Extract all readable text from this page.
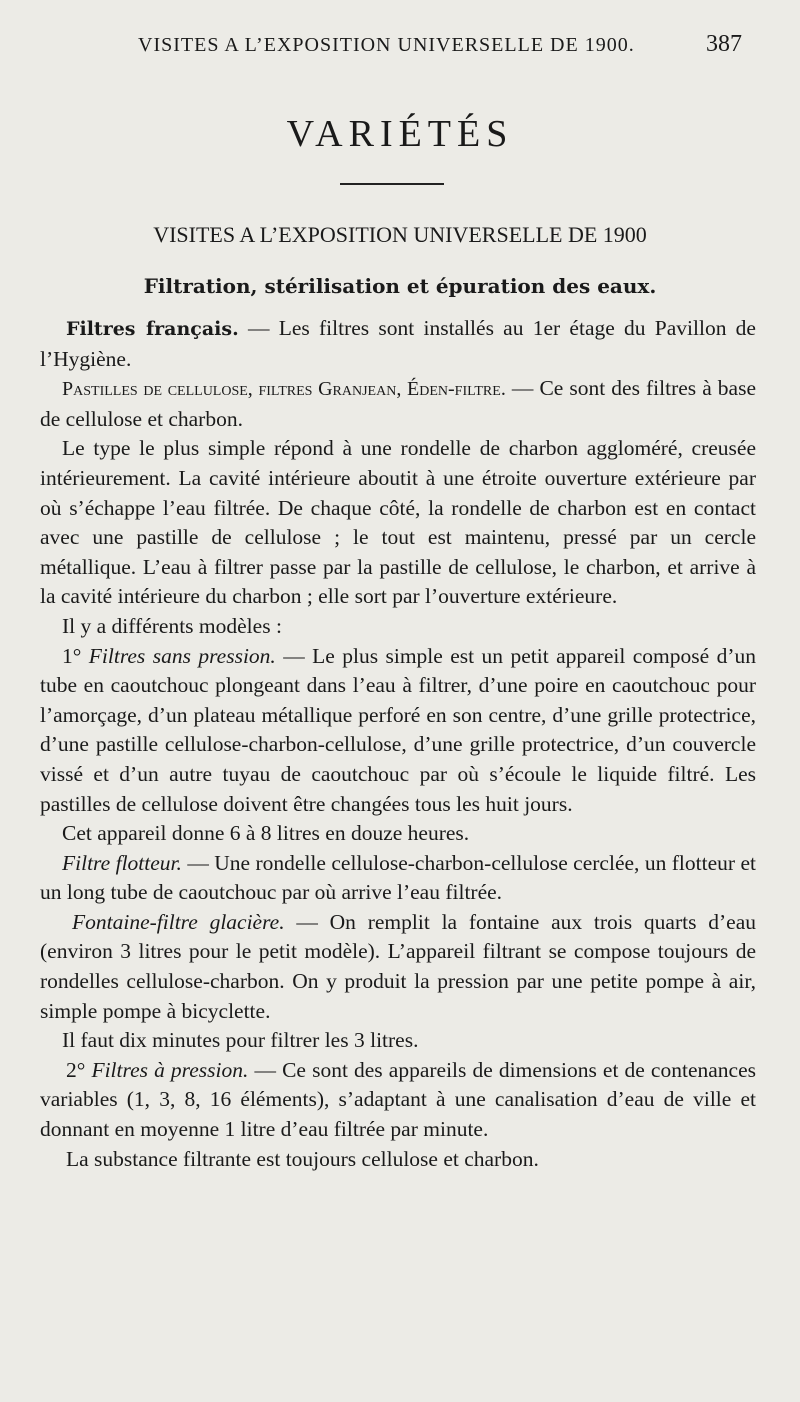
VISITES A L’EXPOSITION UNIVERSELLE DE 1900.	387
VARIÉTÉS
VISITES A L’EXPOSITION UNIVERSELLE DE 1900
Filtration, stérilisation et épuration des eaux.

Filtres français. — Les filtres sont installés au 1er étage du Pavillon de l’Hygiène.

Pastilles de cellulose, filtres Granjean, Éden-filtre. — Ce sont des filtres à base de cellulose et charbon.

Le type le plus simple répond à une rondelle de charbon aggloméré, creusée intérieurement. La cavité intérieure aboutit à une étroite ouverture extérieure par où s’échappe l’eau filtrée. De chaque côté, la rondelle de charbon est en contact avec une pastille de cellulose ; le tout est maintenu, pressé par un cercle métallique. L’eau à filtrer passe par la pastille de cellulose, le charbon, et arrive à la cavité intérieure du charbon ; elle sort par l’ouverture extérieure.

Il y a différents modèles :

1° Filtres sans pression. — Le plus simple est un petit appareil composé d’un tube en caoutchouc plongeant dans l’eau à filtrer, d’une poire en caoutchouc pour l’amorçage, d’un plateau métallique perforé en son centre, d’une grille protectrice, d’une pastille cellulose-charbon-cellulose, d’une grille protectrice, d’un couvercle vissé et d’un autre tuyau de caoutchouc par où s’écoule le liquide filtré. Les pastilles de cellulose doivent être changées tous les huit jours.

Cet appareil donne 6 à 8 litres en douze heures.

Filtre flotteur. — Une rondelle cellulose-charbon-cellulose cerclée, un flotteur et un long tube de caoutchouc par où arrive l’eau filtrée.

Fontaine-filtre glacière. — On remplit la fontaine aux trois quarts d’eau (environ 3 litres pour le petit modèle). L’appareil filtrant se compose toujours de rondelles cellulose-charbon. On y produit la pression par une petite pompe à air, simple pompe à bicyclette.

Il faut dix minutes pour filtrer les 3 litres.

2° Filtres à pression. — Ce sont des appareils de dimensions et de contenances variables (1, 3, 8, 16 éléments), s’adaptant à une canalisation d’eau de ville et donnant en moyenne 1 litre d’eau filtrée par minute.

La substance filtrante est toujours cellulose et charbon.
